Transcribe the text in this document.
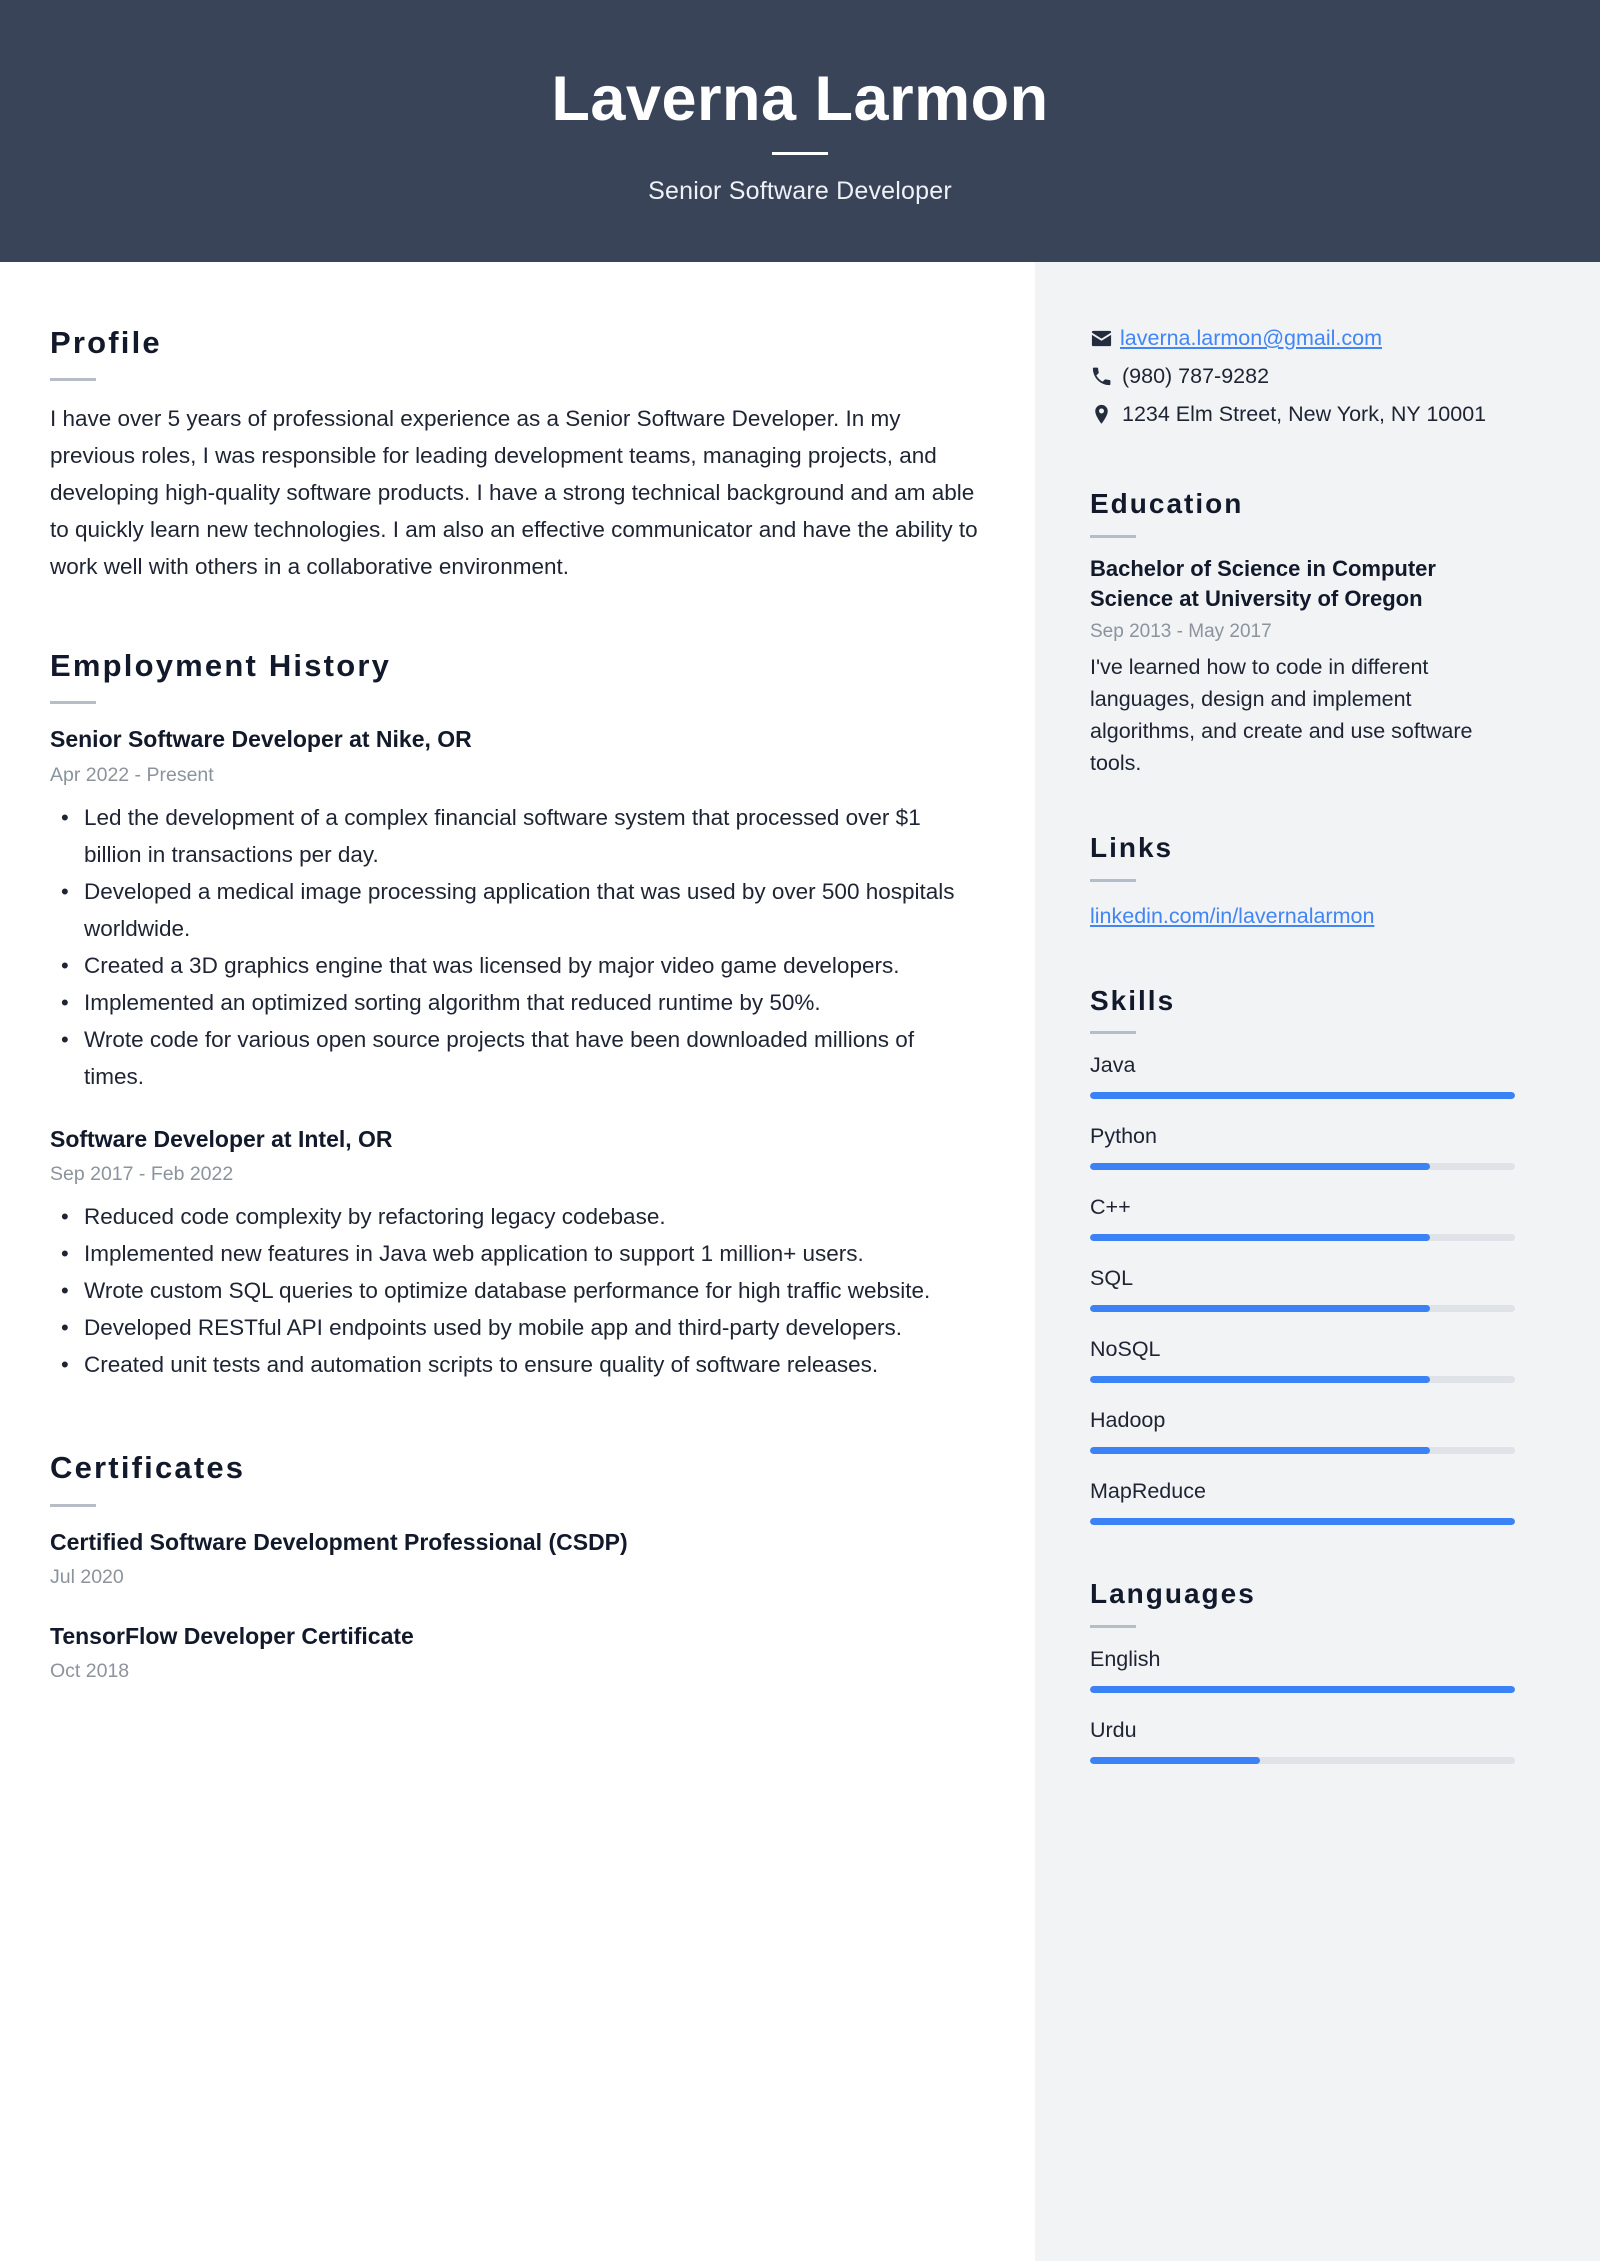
Laverna Larmon
Senior Software Developer
Profile

I have over 5 years of professional experience as a Senior Software Developer. In my previous roles, I was responsible for leading development teams, managing projects, and developing high-quality software products. I have a strong technical background and am able to quickly learn new technologies. I am also an effective communicator and have the ability to work well with others in a collaborative environment.

Employment History
Senior Software Developer at Nike, OR
Apr 2022 - Present
• Led the development of a complex financial software system that processed over $1 billion in transactions per day.
• Developed a medical image processing application that was used by over 500 hospitals worldwide.
• Created a 3D graphics engine that was licensed by major video game developers.
• Implemented an optimized sorting algorithm that reduced runtime by 50%.
• Wrote code for various open source projects that have been downloaded millions of times.
Software Developer at Intel, OR
Sep 2017 - Feb 2022
• Reduced code complexity by refactoring legacy codebase.
• Implemented new features in Java web application to support 1 million+ users.
• Wrote custom SQL queries to optimize database performance for high traffic website.
• Developed RESTful API endpoints used by mobile app and third-party developers.
• Created unit tests and automation scripts to ensure quality of software releases.
Certificates
Certified Software Development Professional (CSDP)
Jul 2020
TensorFlow Developer Certificate
Oct 2018
laverna.larmon@gmail.com
(980) 787-9282
1234 Elm Street, New York, NY 10001
Education
Bachelor of Science in Computer Science at University of Oregon
Sep 2013 - May 2017
I've learned how to code in different languages, design and implement algorithms, and create and use software tools.
Links
linkedin.com/in/lavernalarmon
Skills
Java
Python
C++
SQL
NoSQL
Hadoop
MapReduce
Languages
English
Urdu
